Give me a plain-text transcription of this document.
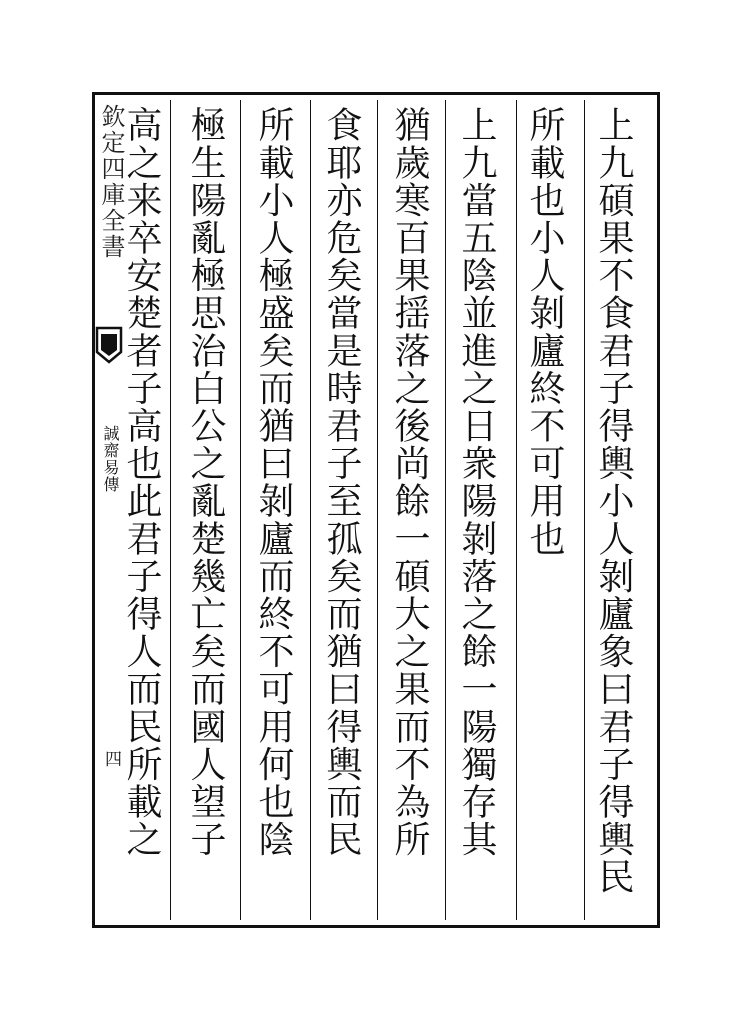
欽定四庫全書
誠齋易傳
四	上九碩果不食君子得輿小人剝廬象曰君子得輿民
所載也小人剝廬終不可用也
上九當五陰並進之日衆陽剝落之餘一陽獨存其
猶歲寒百果揺落之後尚餘一碩大之果而不為所
食耶亦危矣當是時君子至孤矣而猶曰得輿而民
所載小人極盛矣而猶曰剝廬而終不可用何也陰
極生陽亂極思治白公之亂楚幾亡矣而國人望子
高之来卒安楚者子高也此君子得人而民所載之
